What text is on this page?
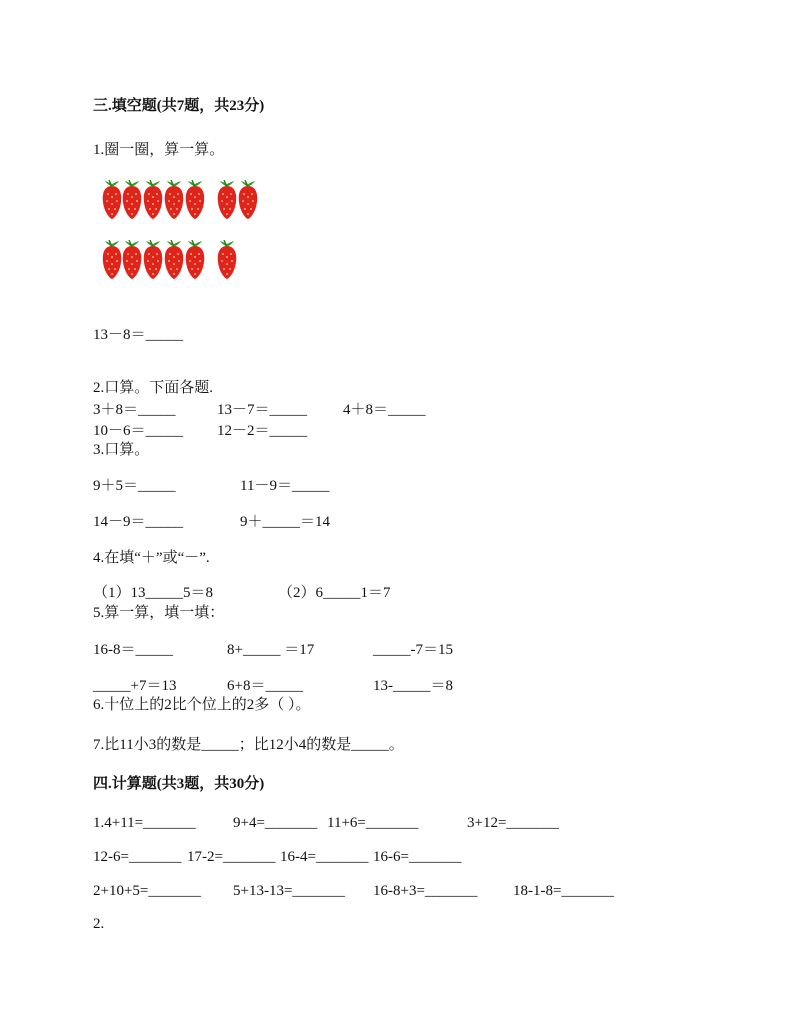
三.填空题(共7题，共23分)
1.圈一圈，算一算。
13－8＝_____
2.口算。下面各题.
3＋8＝_____	13－7＝_____ 4＋8＝_____
10－6＝_____ 12－2＝_____
3.口算。
9＋5＝_____	11－9＝_____
14－9＝_____	9＋_____＝14
4.在填“＋”或“－”.
（1）13_____5＝8	（2）6_____1＝7
5.算一算，填一填：
16-8＝_____	8+_____ ＝17	_____-7＝15
_____+7＝13	6+8＝_____	13-_____＝8
6.十位上的2比个位上的2多（ ）。
7.比11小3的数是_____；比12小4的数是_____。
四.计算题(共3题，共30分)
1.4+11=_______ 9+4=_______ 11+6=_______	3+12=_______
12-6=_______ 17-2=_______ 16-4=_______ 16-6=_______
2+10+5=_______ 5+13-13=_______ 16-8+3=_______ 18-1-8=_______
2.
